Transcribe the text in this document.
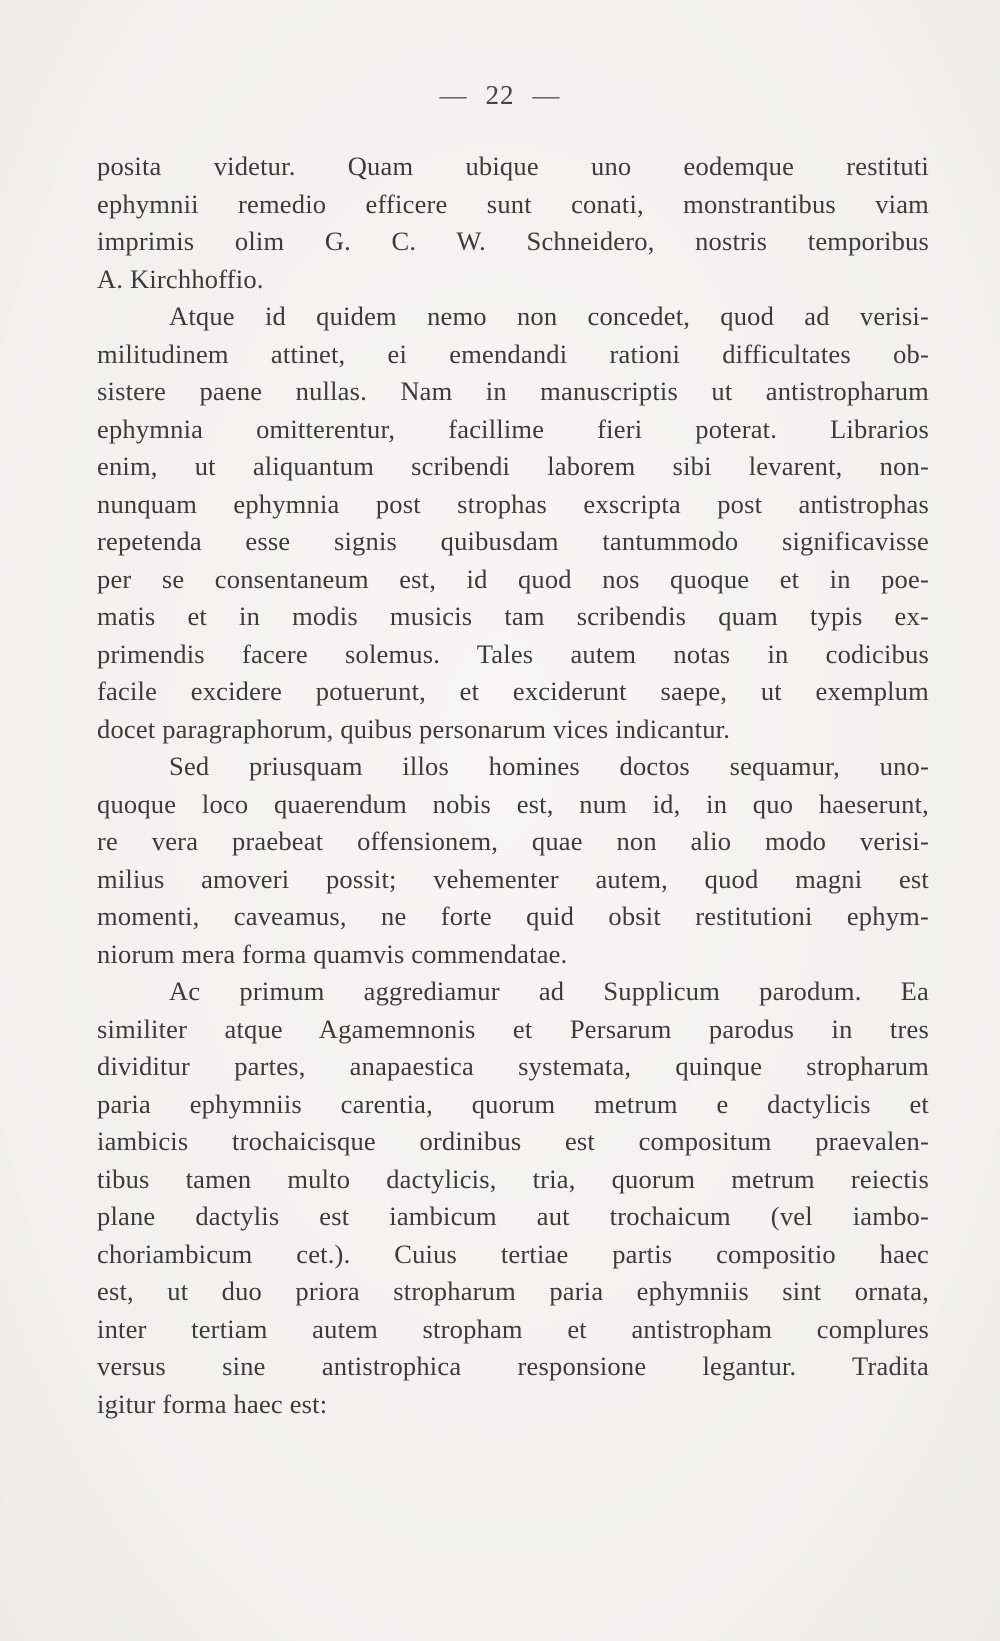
— 22 —
posita videtur. Quam ubique uno eodemque restituti
ephymnii remedio efficere sunt conati, monstrantibus viam
imprimis olim G. C. W. Schneidero, nostris temporibus
A. Kirchhoffio.
Atque id quidem nemo non concedet, quod ad verisi-
militudinem attinet, ei emendandi rationi difficultates ob-
sistere paene nullas. Nam in manuscriptis ut antistropharum
ephymnia omitterentur, facillime fieri poterat. Librarios
enim, ut aliquantum scribendi laborem sibi levarent, non-
nunquam ephymnia post strophas exscripta post antistrophas
repetenda esse signis quibusdam tantummodo significavisse
per se consentaneum est, id quod nos quoque et in poe-
matis et in modis musicis tam scribendis quam typis ex-
primendis facere solemus. Tales autem notas in codicibus
facile excidere potuerunt, et exciderunt saepe, ut exemplum
docet paragraphorum, quibus personarum vices indicantur.
Sed priusquam illos homines doctos sequamur, uno-
quoque loco quaerendum nobis est, num id, in quo haeserunt,
re vera praebeat offensionem, quae non alio modo verisi-
milius amoveri possit; vehementer autem, quod magni est
momenti, caveamus, ne forte quid obsit restitutioni ephym-
niorum mera forma quamvis commendatae.
Ac primum aggrediamur ad Supplicum parodum. Ea
similiter atque Agamemnonis et Persarum parodus in tres
dividitur partes, anapaestica systemata, quinque stropharum
paria ephymniis carentia, quorum metrum e dactylicis et
iambicis trochaicisque ordinibus est compositum praevalen-
tibus tamen multo dactylicis, tria, quorum metrum reiectis
plane dactylis est iambicum aut trochaicum (vel iambo-
choriambicum cet.). Cuius tertiae partis compositio haec
est, ut duo priora stropharum paria ephymniis sint ornata,
inter tertiam autem stropham et antistropham complures
versus sine antistrophica responsione legantur. Tradita
igitur forma haec est:
